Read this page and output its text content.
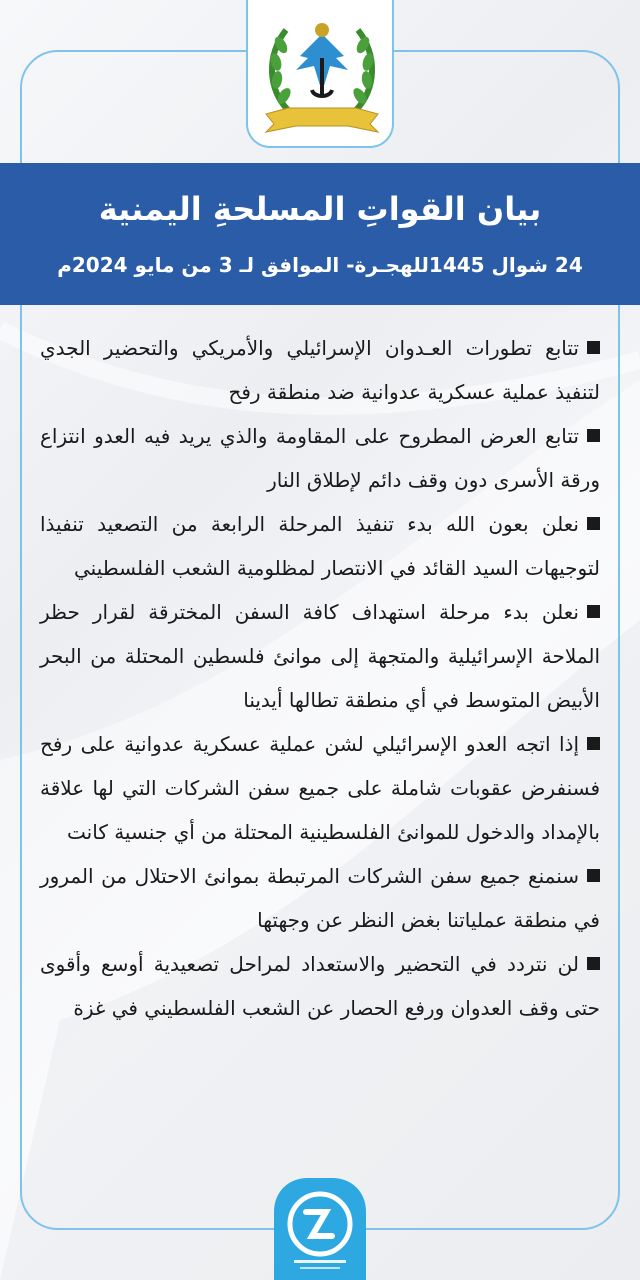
بيان القواتِ المسلحةِ اليمنية
24 شوال 1445للهجـرة- الموافق لـ 3 من مايو 2024م

تتابع تطورات العـدوان الإسرائيلي والأمريكي والتحضير الجدي لتنفيذ عملية عسكرية عدوانية ضد منطقة رفح

تتابع العرض المطروح على المقاومة والذي يريد فيه العدو انتزاع ورقة الأسرى دون وقف دائم لإطلاق النار

نعلن بعون الله بدء تنفيذ المرحلة الرابعة من التصعيد تنفيذا لتوجيهات السيد القائد في الانتصار لمظلومية الشعب الفلسطيني

نعلن بدء مرحلة استهداف كافة السفن المخترقة لقرار حظر الملاحة الإسرائيلية والمتجهة إلى موانئ فلسطين المحتلة من البحر الأبيض المتوسط في أي منطقة تطالها أيدينا

إذا اتجه العدو الإسرائيلي لشن عملية عسكرية عدوانية على رفح فسنفرض عقوبات شاملة على جميع سفن الشركات التي لها علاقة بالإمداد والدخول للموانئ الفلسطينية المحتلة من أي جنسية كانت

سنمنع جميع سفن الشركات المرتبطة بموانئ الاحتلال من المرور في منطقة عملياتنا بغض النظر عن وجهتها

لن نتردد في التحضير والاستعداد لمراحل تصعيدية أوسع وأقوى حتى وقف العدوان ورفع الحصار عن الشعب الفلسطيني في غزة
